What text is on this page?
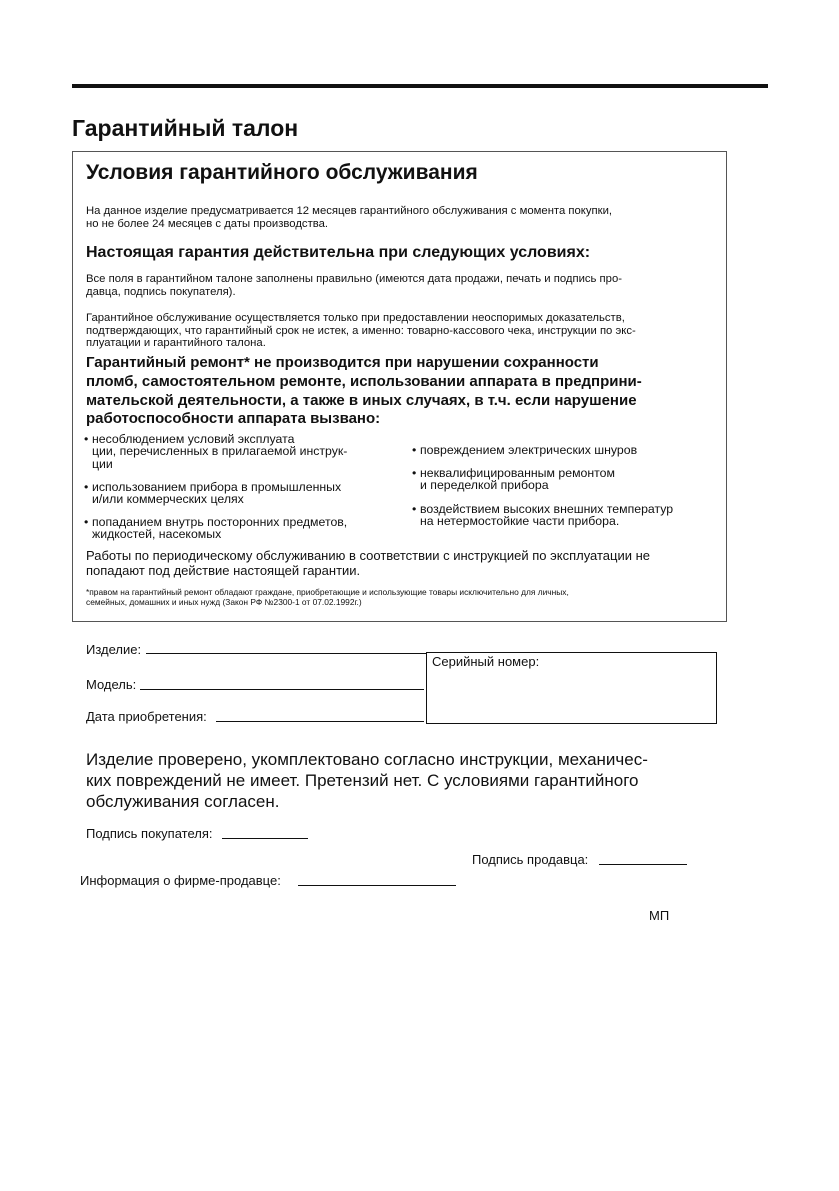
Гарантийный талон
Условия гарантийного обслуживания
На данное изделие предусматривается 12 месяцев гарантийного обслуживания с момента покупки,
но не более 24 месяцев с даты производства.
Настоящая гарантия действительна при следующих условиях:
Все поля в гарантийном талоне заполнены правильно (имеются дата продажи, печать и подпись про-
давца, подпись покупателя).
Гарантийное обслуживание осуществляется только при предоставлении неоспоримых доказательств,
подтверждающих, что гарантийный срок не истек, а именно: товарно-кассового чека, инструкции по экс-
плуатации и гарантийного талона.
Гарантийный ремонт* не производится при нарушении сохранности
пломб, самостоятельном ремонте, использовании аппарата в предприни-
мательской деятельности, а также в иных случаях, в т.ч. если нарушение
работоспособности аппарата вызвано:
• несоблюдением условий эксплуата
ции, перечисленных в прилагаемой инструк-
ции
• использованием прибора в промышленных
и/или коммерческих целях
• попаданием внутрь посторонних предметов,
жидкостей, насекомых
• повреждением электрических шнуров
• неквалифицированным ремонтом
и переделкой прибора
• воздействием высоких внешних температур
на нетермостойкие части прибора.
Работы по периодическому обслуживанию в соответствии с инструкцией по эксплуатации не
попадают под действие настоящей гарантии.
*правом на гарантийный ремонт обладают граждане, приобретающие и использующие товары исключительно для личных,
семейных, домашних и иных нужд (Закон РФ №2300-1 от 07.02.1992г.)
Изделие:
Модель:
Дата приобретения:
Серийный номер:
Изделие проверено, укомплектовано согласно инструкции, механичес-
ких повреждений не имеет. Претензий нет. С условиями гарантийного
обслуживания согласен.
Подпись покупателя:
Подпись продавца:
Информация о фирме-продавце:
МП
